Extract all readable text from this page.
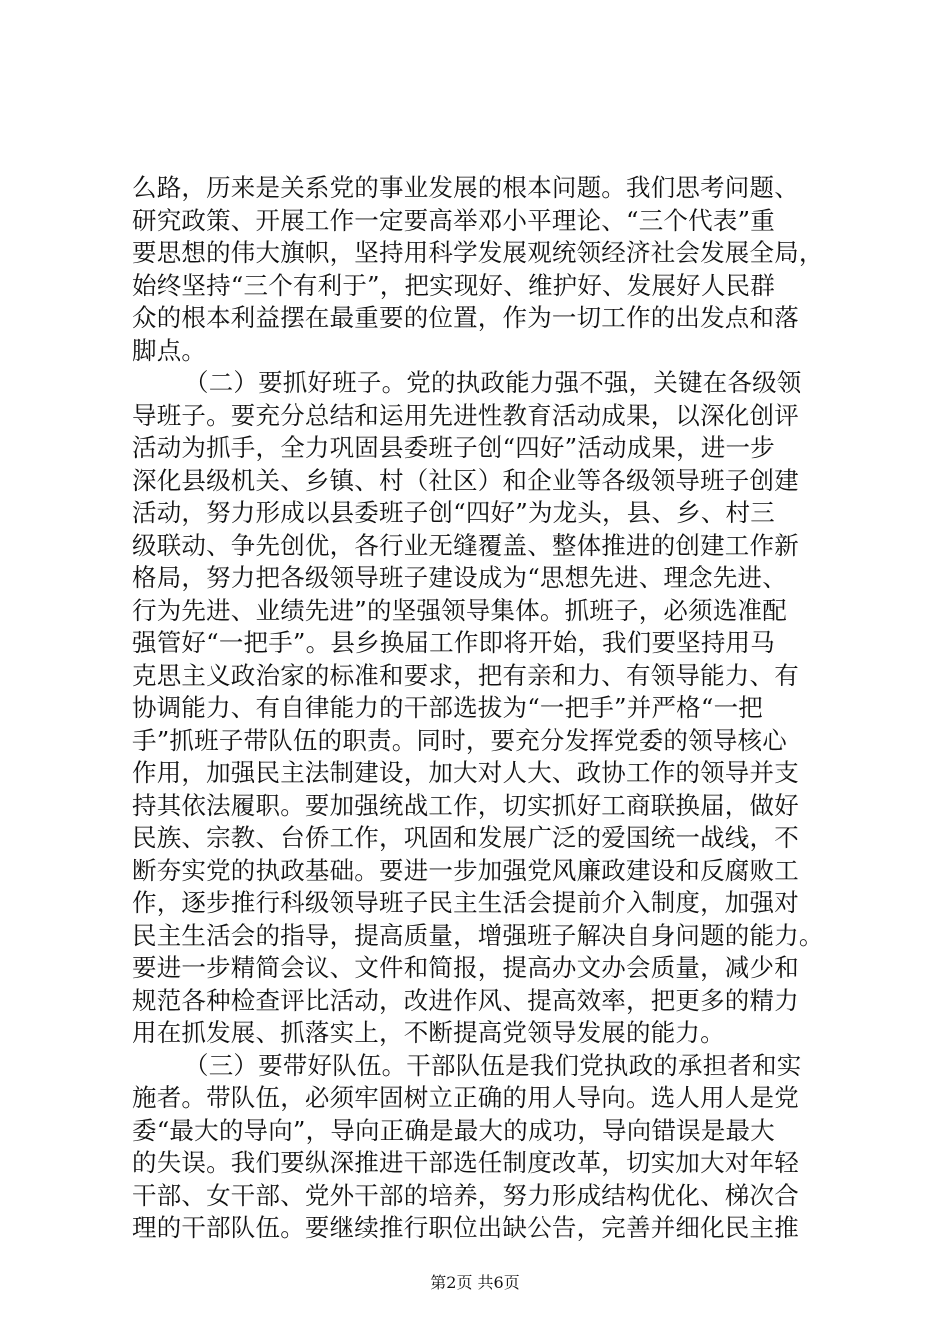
么路，历来是关系党的事业发展的根本问题。我们思考问题、
研究政策、开展工作一定要高举邓小平理论、“三个代表”重
要思想的伟大旗帜，坚持用科学发展观统领经济社会发展全局，
始终坚持“三个有利于”，把实现好、维护好、发展好人民群
众的根本利益摆在最重要的位置，作为一切工作的出发点和落
脚点。
（二）要抓好班子。党的执政能力强不强，关键在各级领
导班子。要充分总结和运用先进性教育活动成果，以深化创评
活动为抓手，全力巩固县委班子创“四好”活动成果，进一步
深化县级机关、乡镇、村（社区）和企业等各级领导班子创建
活动，努力形成以县委班子创“四好”为龙头，县、乡、村三
级联动、争先创优，各行业无缝覆盖、整体推进的创建工作新
格局，努力把各级领导班子建设成为“思想先进、理念先进、
行为先进、业绩先进”的坚强领导集体。抓班子，必须选准配
强管好“一把手”。县乡换届工作即将开始，我们要坚持用马
克思主义政治家的标准和要求，把有亲和力、有领导能力、有
协调能力、有自律能力的干部选拔为“一把手”并严格“一把
手”抓班子带队伍的职责。同时，要充分发挥党委的领导核心
作用，加强民主法制建设，加大对人大、政协工作的领导并支
持其依法履职。要加强统战工作，切实抓好工商联换届，做好
民族、宗教、台侨工作，巩固和发展广泛的爱国统一战线，不
断夯实党的执政基础。要进一步加强党风廉政建设和反腐败工
作，逐步推行科级领导班子民主生活会提前介入制度，加强对
民主生活会的指导，提高质量，增强班子解决自身问题的能力。
要进一步精简会议、文件和简报，提高办文办会质量，减少和
规范各种检查评比活动，改进作风、提高效率，把更多的精力
用在抓发展、抓落实上，不断提高党领导发展的能力。
（三）要带好队伍。干部队伍是我们党执政的承担者和实
施者。带队伍，必须牢固树立正确的用人导向。选人用人是党
委“最大的导向”，导向正确是最大的成功，导向错误是最大
的失误。我们要纵深推进干部选任制度改革，切实加大对年轻
干部、女干部、党外干部的培养，努力形成结构优化、梯次合
理的干部队伍。要继续推行职位出缺公告，完善并细化民主推
第2页 共6页
